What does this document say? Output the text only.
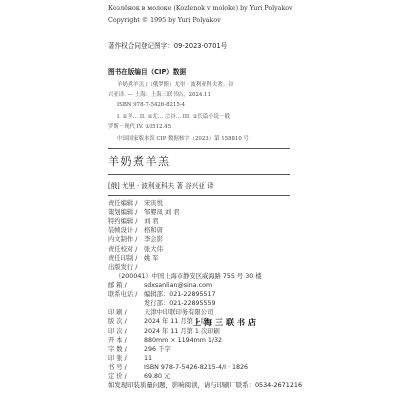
Козлёнок в молоке (Kozlenok v moloke) by Yuri Polyakov
Copyright © 1995 by Yuri Polyakov
著作权合同登记图字：09-2023-0701号
图书在版编目（CIP）数据
羊奶煮羊羔 /（俄罗斯）尤里 · 波利亚科夫著；谷
兴亚译. — 上海：上海三联书店，2024.11
ISBN 978-7-5426-8215-4
I. ①羊… II. ①尤… ②谷… III. ①长篇小说－俄
罗斯－现代 IV. ①I512.45
中国国家版本馆 CIP 数据核字（2023）第 158810 号
羊奶煮羊羔
[俄] 尤里 · 波利亚科夫 著 谷兴亚 译
责任编辑 / 宋寅悦
策划编辑 / 邹婴凤 刘 君
特约编辑 / 刘 君
装帧设计 / 格和唐
内文制作 / 李会影
责任校对 / 张大伟
责任印制 / 姚 军
出版发行 /
（200041）中国上海市静安区威海路 755 号 30 楼
邮 箱 /	sdxsanlian@sina.com
联系电话 / 编辑部：021-22895517
发行部：021-22895559
印 刷 /	天津中印联印务有限公司
版 次 /	2024 年 11 月第 1 版
印 次 /	2024 年 11 月第 1 次印刷
开 本 /	880mm × 1194mm 1/32
字 数 /	296 千字
印 张 /	11
书 号 /	ISBN 978-7-5426-8215-4/I · 1826
定 价 /	69.80 元
上海三联书店
如发现印装质量问题，影响阅读，请与印刷厂联系：0534-2671216
